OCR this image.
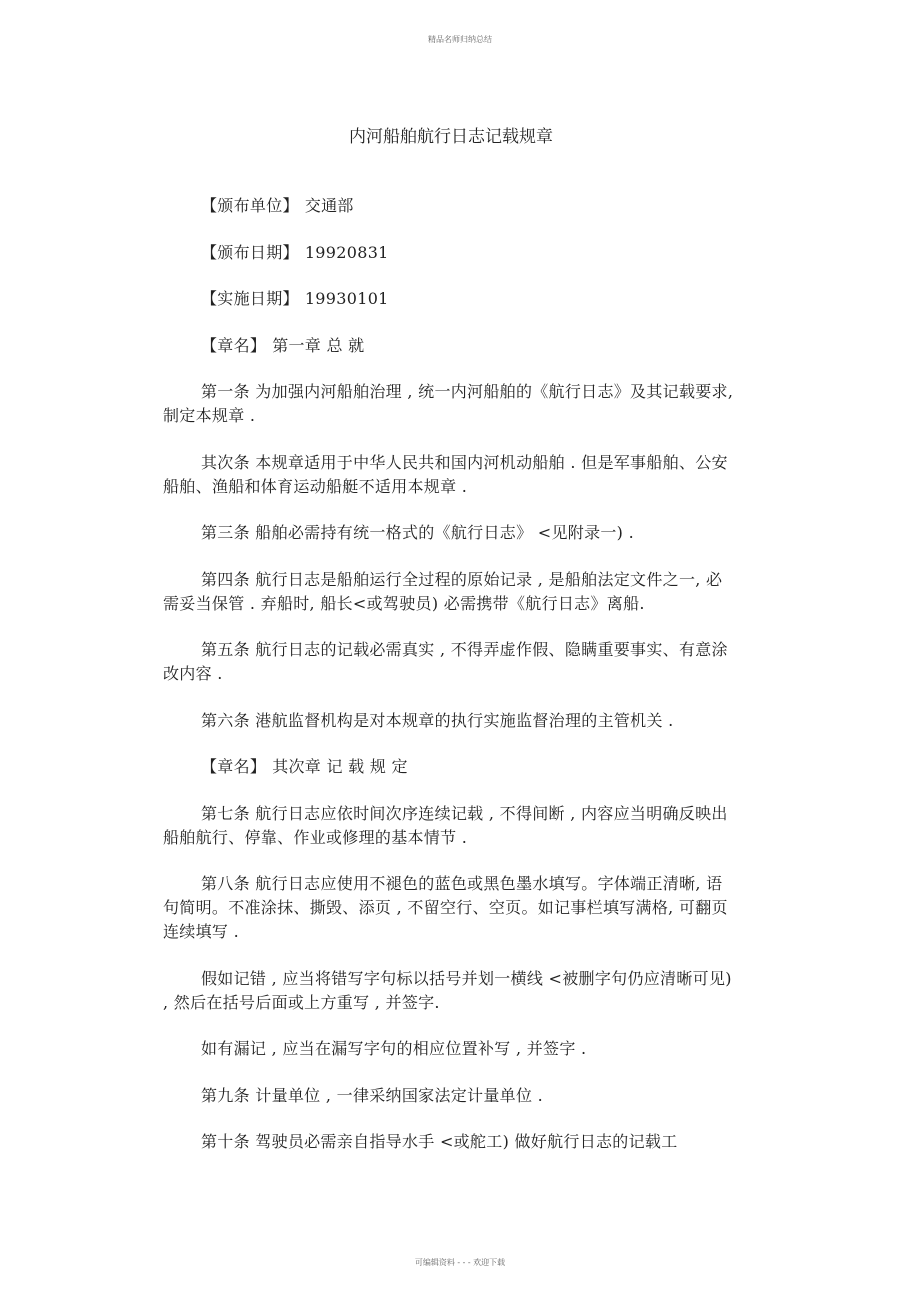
精品名师归纳总结
内河船舶航行日志记载规章

【颁布单位】 交通部

【颁布日期】 19920831

【实施日期】 19930101

【章名】 第一章 总 就

第一条 为加强内河船舶治理 , 统一内河船舶的《航行日志》及其记载要求, 制定本规章 .

其次条 本规章适用于中华人民共和国内河机动船舶 . 但是军事船舶、公安船舶、渔船和体育运动船艇不适用本规章 .

第三条 船舶必需持有统一格式的《航行日志》 <见附录一) .

第四条 航行日志是船舶运行全过程的原始记录 , 是船舶法定文件之一, 必需妥当保管 . 弃船时, 船长<或驾驶员) 必需携带《航行日志》离船.

第五条 航行日志的记载必需真实 , 不得弄虚作假、隐瞒重要事实、有意涂改内容 .

第六条 港航监督机构是对本规章的执行实施监督治理的主管机关 .

【章名】 其次章 记 载 规 定

第七条 航行日志应依时间次序连续记载 , 不得间断 , 内容应当明确反映出船舶航行、停靠、作业或修理的基本情节 .

第八条 航行日志应使用不褪色的蓝色或黑色墨水填写。字体端正清晰, 语句简明。不准涂抹、撕毁、添页 , 不留空行、空页。如记事栏填写满格, 可翻页连续填写 .

假如记错 , 应当将错写字句标以括号并划一横线 <被删字句仍应清晰可见) , 然后在括号后面或上方重写 , 并签字.

如有漏记 , 应当在漏写字句的相应位置补写 , 并签字 .

第九条 计量单位 , 一律采纳国家法定计量单位 .

第十条 驾驶员必需亲自指导水手 <或舵工) 做好航行日志的记载工

可编辑资料 - - - 欢迎下载
